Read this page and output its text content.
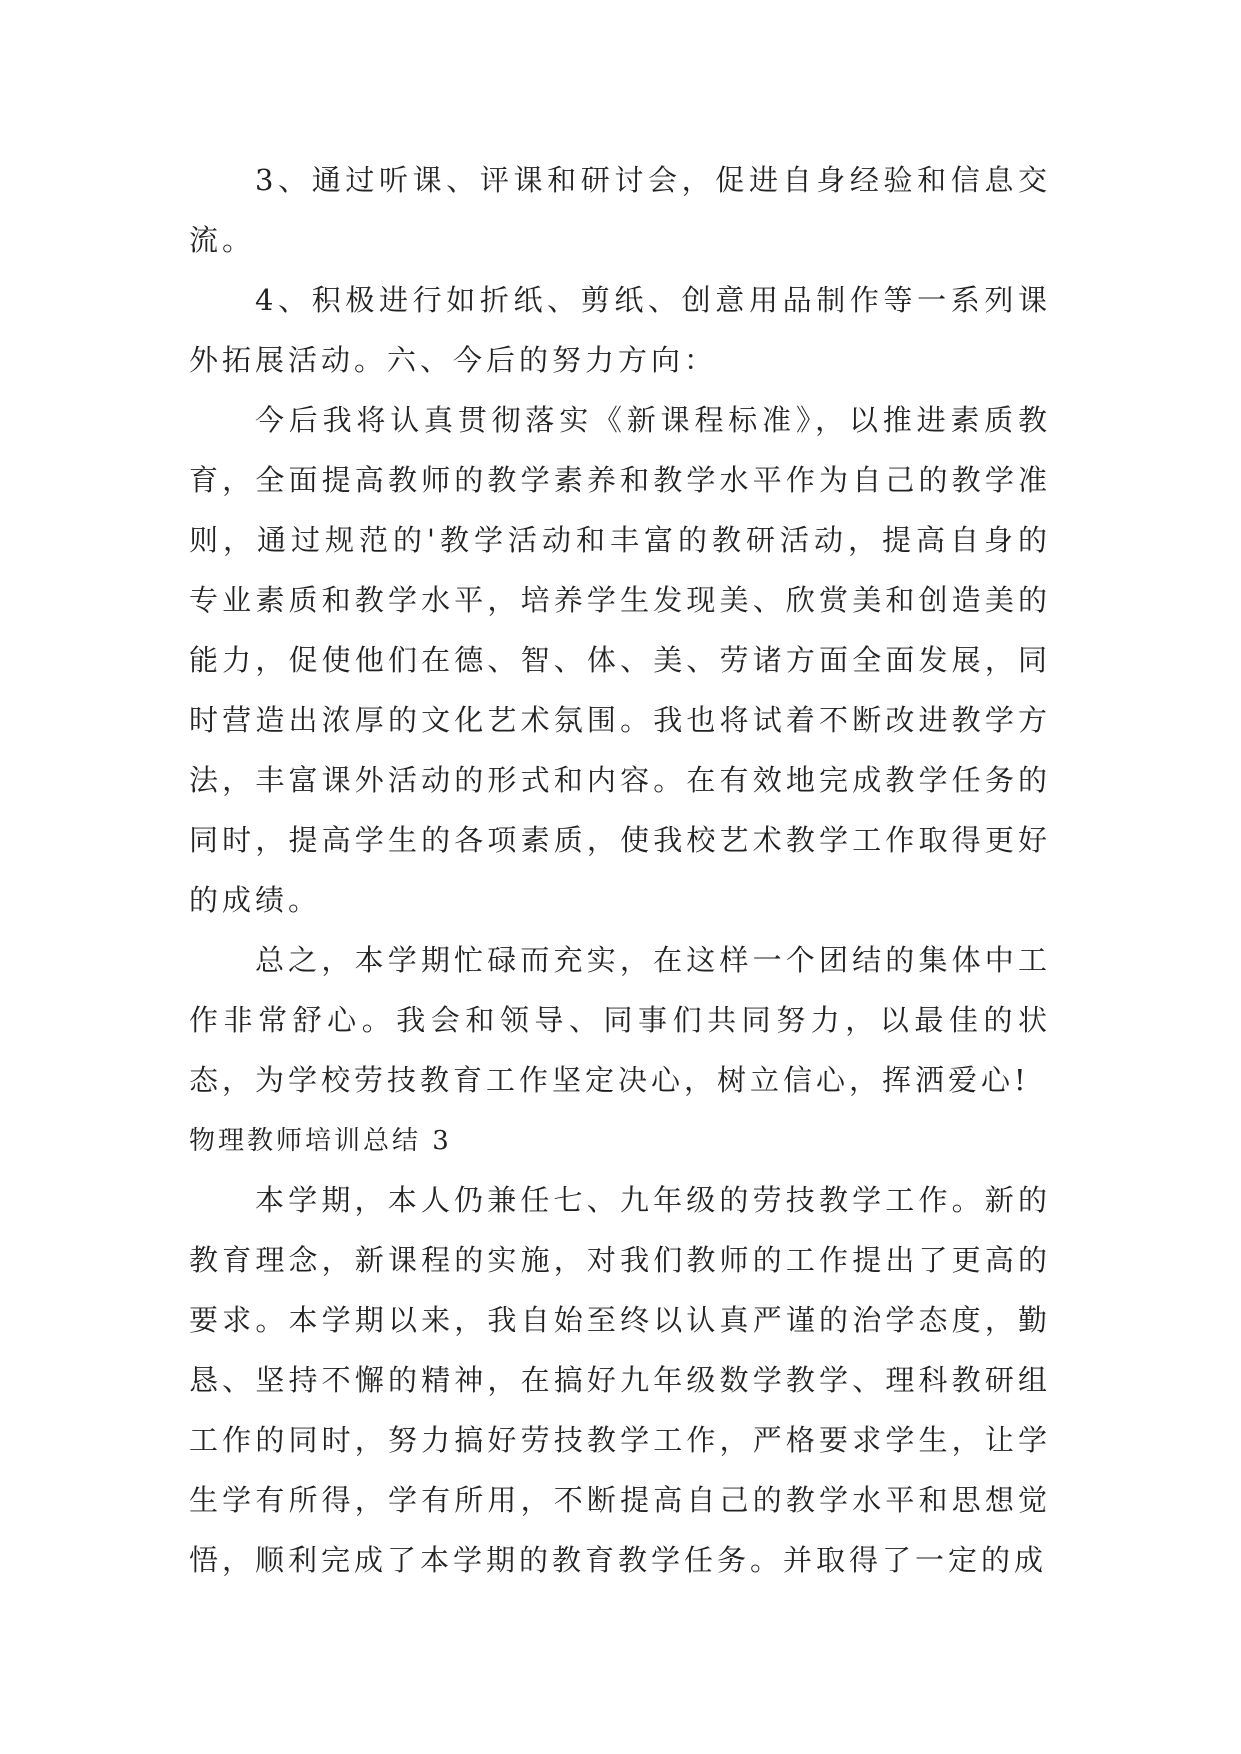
3、通过听课、评课和研讨会，促进自身经验和信息交流。

4、积极进行如折纸、剪纸、创意用品制作等一系列课外拓展活动。六、今后的努力方向：

今后我将认真贯彻落实《新课程标准》，以推进素质教育，全面提高教师的教学素养和教学水平作为自己的教学准则，通过规范的'教学活动和丰富的教研活动，提高自身的专业素质和教学水平，培养学生发现美、欣赏美和创造美的能力，促使他们在德、智、体、美、劳诸方面全面发展，同时营造出浓厚的文化艺术氛围。我也将试着不断改进教学方法，丰富课外活动的形式和内容。在有效地完成教学任务的同时，提高学生的各项素质，使我校艺术教学工作取得更好的成绩。

总之，本学期忙碌而充实，在这样一个团结的集体中工作非常舒心。我会和领导、同事们共同努力，以最佳的状态，为学校劳技教育工作坚定决心，树立信心，挥洒爱心!

物理教师培训总结 3

本学期，本人仍兼任七、九年级的劳技教学工作。新的教育理念，新课程的实施，对我们教师的工作提出了更高的要求。本学期以来，我自始至终以认真严谨的治学态度，勤恳、坚持不懈的精神，在搞好九年级数学教学、理科教研组工作的同时，努力搞好劳技教学工作，严格要求学生，让学生学有所得，学有所用，不断提高自己的教学水平和思想觉悟，顺利完成了本学期的教育教学任务。并取得了一定的成
